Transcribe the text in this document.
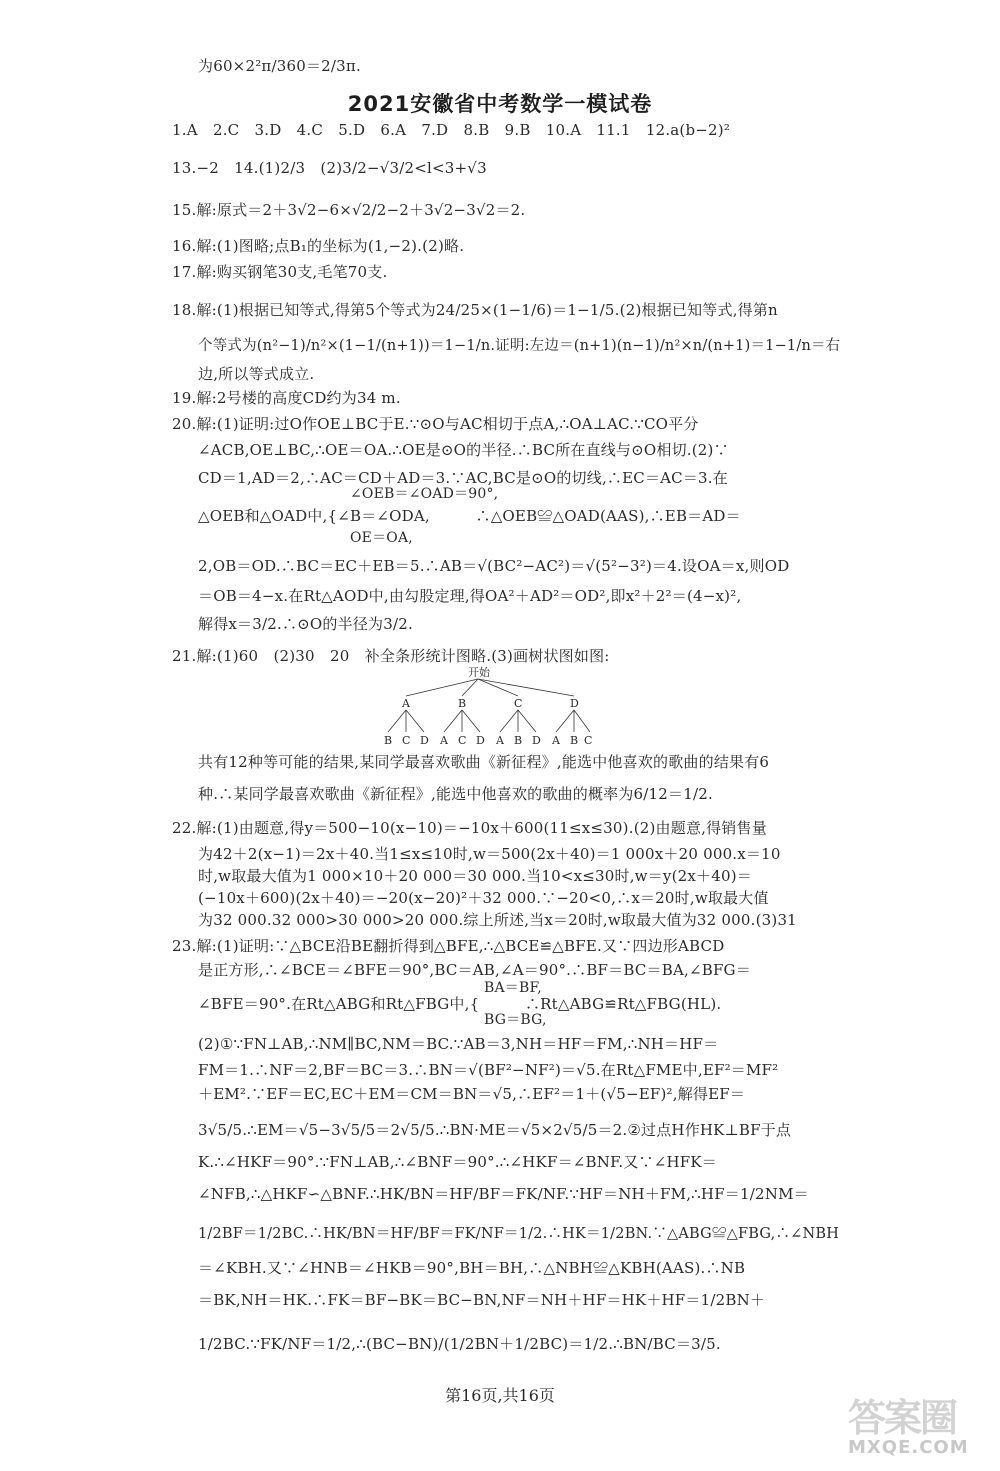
为60×2²π/360＝2/3π.
2021安徽省中考数学一模试卷
1.A　2.C　3.D　4.C　5.D　6.A　7.D　8.B　9.B　10.A　11.1　12.a(b−2)²
13.−2　14.(1)2/3　(2)3/2−√3/2<l<3+√3
15.解:原式＝2＋3√2−6×√2/2−2＋3√2−3√2＝2.
16.解:(1)图略;点B₁的坐标为(1,−2).(2)略.
17.解:购买钢笔30支,毛笔70支.
18.解:(1)根据已知等式,得第5个等式为24/25×(1−1/6)＝1−1/5.(2)根据已知等式,得第n
个等式为(n²−1)/n²×(1−1/(n+1))＝1−1/n.证明:左边＝(n+1)(n−1)/n²×n/(n+1)＝1−1/n＝右
边,所以等式成立.
19.解:2号楼的高度CD约为34 m.
20.解:(1)证明:过O作OE⊥BC于E.∵⊙O与AC相切于点A,∴OA⊥AC.∵CO平分
∠ACB,OE⊥BC,∴OE＝OA.∴OE是⊙O的半径.∴BC所在直线与⊙O相切.(2)∵
CD＝1,AD＝2,∴AC＝CD＋AD＝3.∵AC,BC是⊙O的切线,∴EC＝AC＝3.在
∠OEB＝∠OAD＝90°,
△OEB和△OAD中,{∠B＝∠ODA,　　　∴△OEB≌△OAD(AAS),∴EB＝AD＝
OE＝OA,
2,OB＝OD.∴BC＝EC＋EB＝5.∴AB＝√(BC²−AC²)＝√(5²−3²)＝4.设OA＝x,则OD
＝OB＝4−x.在Rt△AOD中,由勾股定理,得OA²＋AD²＝OD²,即x²＋2²＝(4−x)²,
解得x＝3/2.∴⊙O的半径为3/2.
21.解:(1)60　(2)30　20　补全条形统计图略.(3)画树状图如图:
开始
A	B	C	D
B C D A C D A B D A B C
共有12种等可能的结果,某同学最喜欢歌曲《新征程》,能选中他喜欢的歌曲的结果有6
种.∴某同学最喜欢歌曲《新征程》,能选中他喜欢的歌曲的概率为6/12＝1/2.
22.解:(1)由题意,得y＝500−10(x−10)＝−10x＋600(11≤x≤30).(2)由题意,得销售量
为42＋2(x−1)＝2x＋40.当1≤x≤10时,w＝500(2x＋40)＝1 000x＋20 000.x＝10
时,w取最大值为1 000×10＋20 000＝30 000.当10<x≤30时,w＝y(2x＋40)＝
(−10x＋600)(2x＋40)＝−20(x−20)²＋32 000.∵−20<0,∴x＝20时,w取最大值
为32 000.32 000>30 000>20 000.综上所述,当x＝20时,w取最大值为32 000.(3)31
23.解:(1)证明:∵△BCE沿BE翻折得到△BFE,∴△BCE≌△BFE.又∵四边形ABCD
是正方形,∴∠BCE＝∠BFE＝90°,BC＝AB,∠A＝90°.∴BF＝BC＝BA,∠BFG＝
BA＝BF,
∠BFE＝90°.在Rt△ABG和Rt△FBG中,{　　　∴Rt△ABG≌Rt△FBG(HL).
BG＝BG,
(2)①∵FN⊥AB,∴NM∥BC,NM＝BC.∵AB＝3,NH＝HF＝FM,∴NH＝HF＝
FM＝1.∴NF＝2,BF＝BC＝3.∴BN＝√(BF²−NF²)＝√5.在Rt△FME中,EF²＝MF²
＋EM².∵EF＝EC,EC＋EM＝CM＝BN＝√5,∴EF²＝1＋(√5−EF)²,解得EF＝
3√5/5.∴EM＝√5−3√5/5＝2√5/5.∴BN·ME＝√5×2√5/5＝2.②过点H作HK⊥BF于点
K.∴∠HKF＝90°.∵FN⊥AB,∴∠BNF＝90°.∴∠HKF＝∠BNF.又∵∠HFK＝
∠NFB,∴△HKF∽△BNF.∴HK/BN＝HF/BF＝FK/NF.∵HF＝NH＋FM,∴HF＝1/2NM＝
1/2BF＝1/2BC.∴HK/BN＝HF/BF＝FK/NF＝1/2.∴HK＝1/2BN.∵△ABG≌△FBG,∴∠NBH
＝∠KBH.又∵∠HNB＝∠HKB＝90°,BH＝BH,∴△NBH≌△KBH(AAS).∴NB
＝BK,NH＝HK.∴FK＝BF−BK＝BC−BN,NF＝NH＋HF＝HK＋HF＝1/2BN＋
1/2BC.∵FK/NF＝1/2,∴(BC−BN)/(1/2BN＋1/2BC)＝1/2.∴BN/BC＝3/5.
第16页,共16页
答案圈
MXQE.COM
